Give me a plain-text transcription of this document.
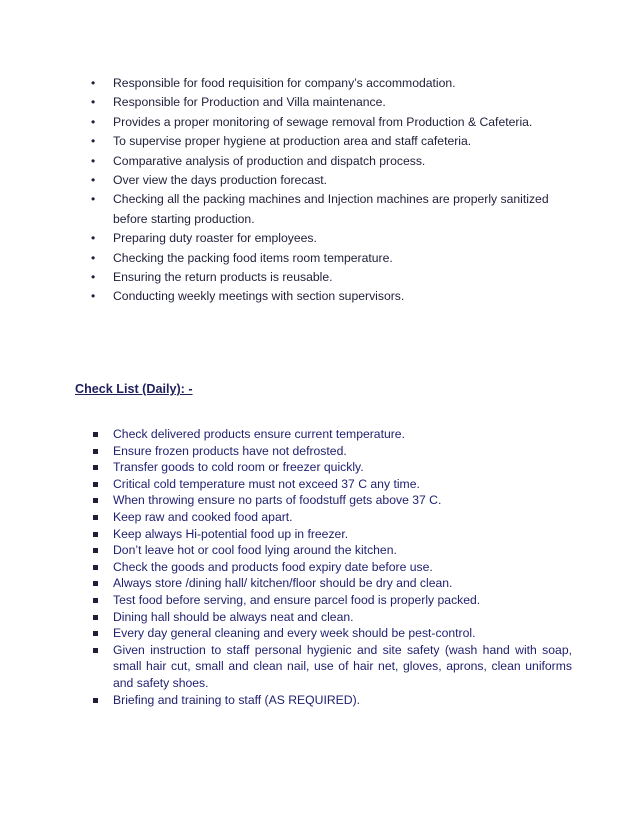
• Responsible for food requisition for company’s accommodation.
• Responsible for Production and Villa maintenance.
• Provides a proper monitoring of sewage removal from Production & Cafeteria.
• To supervise proper hygiene at production area and staff cafeteria.
• Comparative analysis of production and dispatch process.
• Over view the days production forecast.
• Checking all the packing machines and Injection machines are properly sanitized before starting production.
• Preparing duty roaster for employees.
• Checking the packing food items room temperature.
• Ensuring the return products is reusable.
• Conducting weekly meetings with section supervisors.
Check List (Daily): -
Check delivered products ensure current temperature.
Ensure frozen products have not defrosted.
Transfer goods to cold room or freezer quickly.
Critical cold temperature must not exceed 37 C any time.
When throwing ensure no parts of foodstuff gets above 37 C.
Keep raw and cooked food apart.
Keep always Hi-potential food up in freezer.
Don’t leave hot or cool food lying around the kitchen.
Check the goods and products food expiry date before use.
Always store /dining hall/ kitchen/floor should be dry and clean.
Test food before serving, and ensure parcel food is properly packed.
Dining hall should be always neat and clean.
Every day general cleaning and every week should be pest-control.
Given instruction to staff personal hygienic and site safety (wash hand with soap, small hair cut, small and clean nail, use of hair net, gloves, aprons, clean uniforms and safety shoes.
Briefing and training to staff (AS REQUIRED).
